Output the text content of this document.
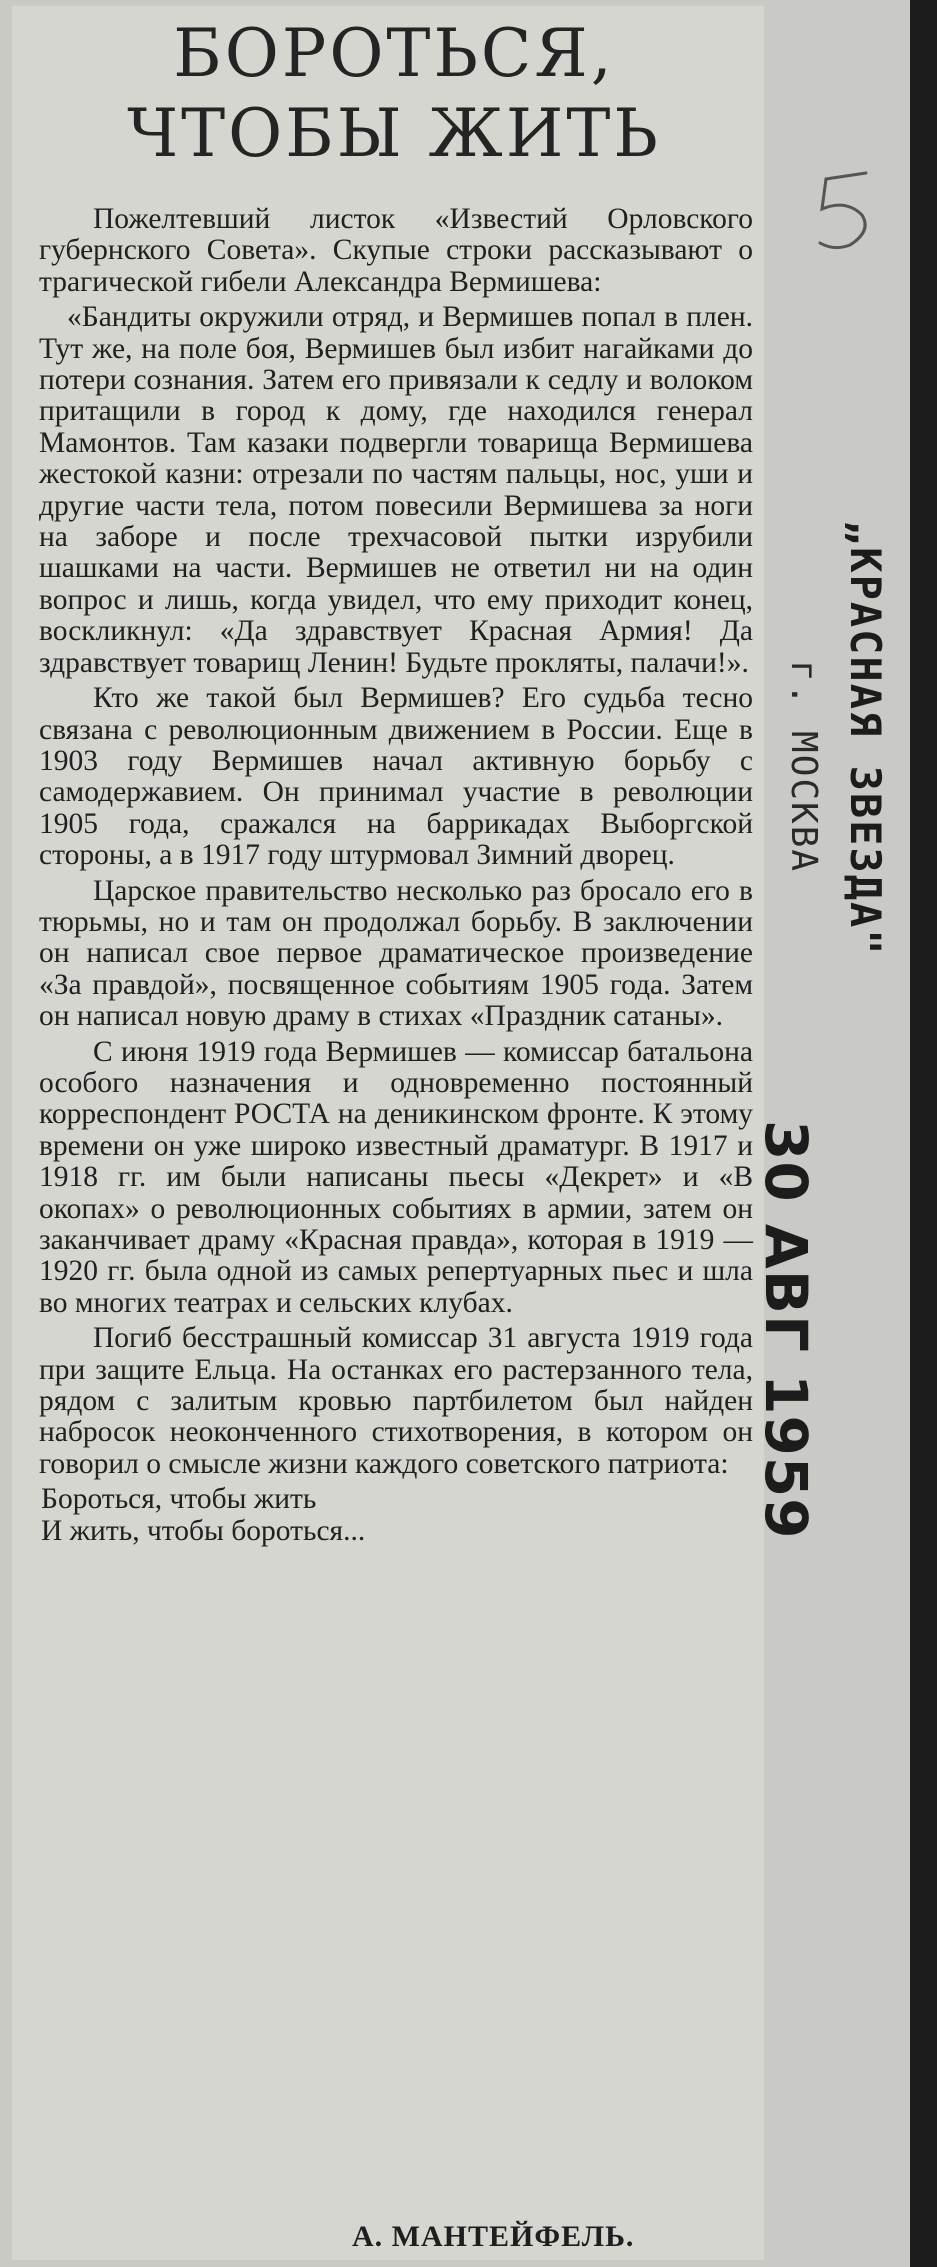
БОРОТЬСЯ,
ЧТОБЫ ЖИТЬ

Пожелтевший листок «Известий Орловского губернского Совета». Скупые строки рассказывают о трагической гибели Александра Вермишева:

«Бандиты окружили отряд, и Вермишев попал в плен. Тут же, на поле боя, Вермишев был избит нагайками до потери сознания. Затем его привязали к седлу и волоком притащили в город к дому, где находился генерал Мамонтов. Там казаки подвергли товарища Вермишева жестокой казни: отрезали по частям пальцы, нос, уши и другие части тела, потом повесили Вермишева за ноги на заборе и после трехчасовой пытки изрубили шашками на части. Вермишев не ответил ни на один вопрос и лишь, когда увидел, что ему приходит конец, воскликнул: «Да здравствует Красная Армия! Да здравствует товарищ Ленин! Будьте прокляты, палачи!».

Кто же такой был Вермишев? Его судьба тесно связана с революционным движением в России. Еще в 1903 году Вермишев начал активную борьбу с самодержавием. Он принимал участие в революции 1905 года, сражался на баррикадах Выборгской стороны, а в 1917 году штурмовал Зимний дворец.

Царское правительство несколько раз бросало его в тюрьмы, но и там он продолжал борьбу. В заключении он написал свое первое драматическое произведение «За правдой», посвященное событиям 1905 года. Затем он написал новую драму в стихах «Праздник сатаны».

С июня 1919 года Вермишев — комиссар батальона особого назначения и одновременно постоянный корреспондент РОСТА на деникинском фронте. К этому времени он уже широко известный драматург. В 1917 и 1918 гг. им были написаны пьесы «Декрет» и «В окопах» о революционных событиях в армии, затем он заканчивает драму «Красная правда», которая в 1919 — 1920 гг. была одной из самых репертуарных пьес и шла во многих театрах и сельских клубах.

Погиб бесстрашный комиссар 31 августа 1919 года при защите Ельца. На останках его растерзанного тела, рядом с залитым кровью партбилетом был найден набросок неоконченного стихотворения, в котором он говорил о смысле жизни каждого советского патриота:

Бороться, чтобы жить

И жить, чтобы бороться...

А. МАНТЕЙФЕЛЬ.

„КРАСНАЯ ЗВЕЗДА"
г. МОСКВА
30 АВГ 1959
